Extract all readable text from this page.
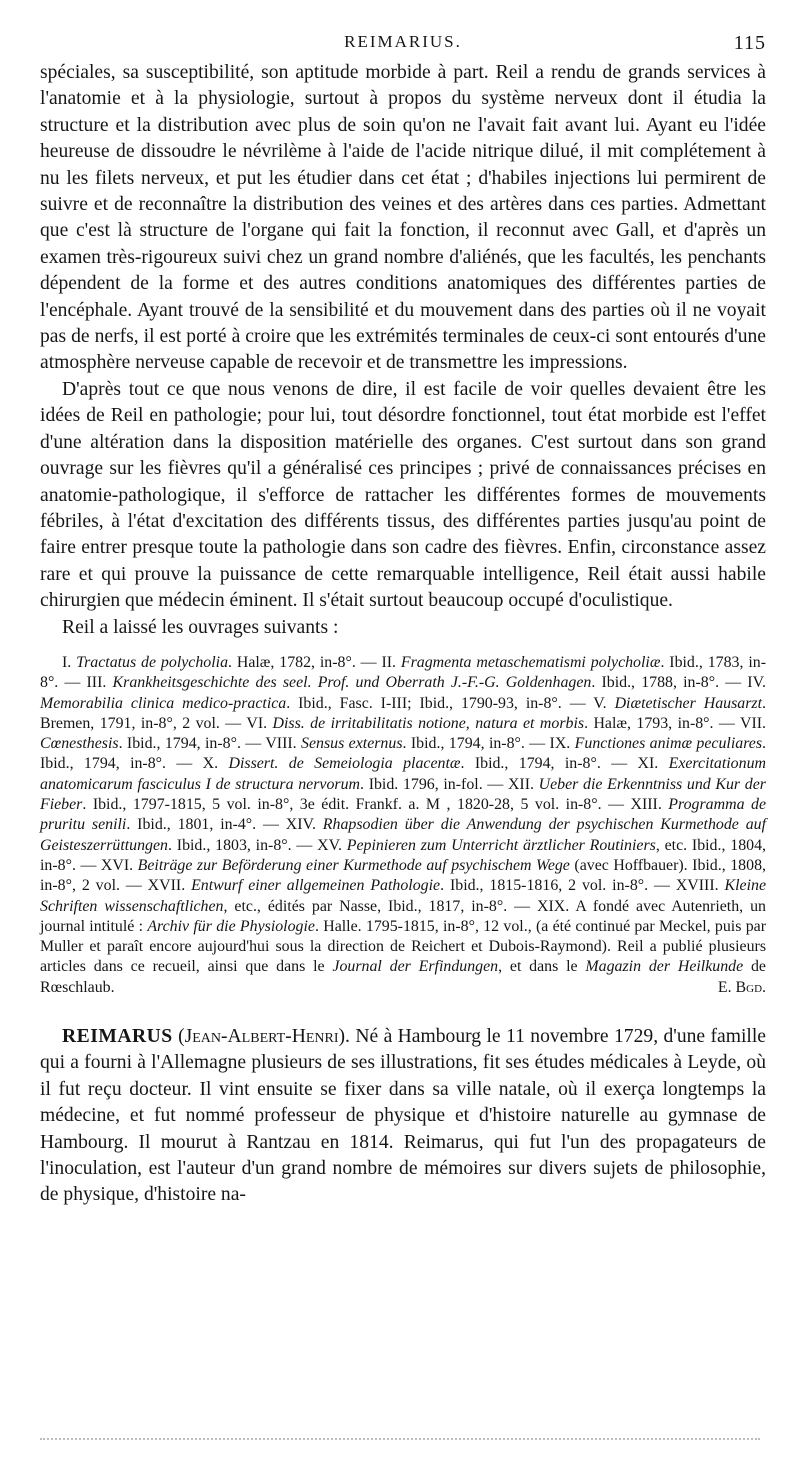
REIMARIUS.	115

spéciales, sa susceptibilité, son aptitude morbide à part. Reil a rendu de grands services à l'anatomie et à la physiologie, surtout à propos du système nerveux dont il étudia la structure et la distribution avec plus de soin qu'on ne l'avait fait avant lui. Ayant eu l'idée heureuse de dissoudre le névrilème à l'aide de l'acide nitrique dilué, il mit complétement à nu les filets nerveux, et put les étudier dans cet état ; d'habiles injections lui permirent de suivre et de reconnaître la distribution des veines et des artères dans ces parties. Admettant que c'est là structure de l'organe qui fait la fonction, il reconnut avec Gall, et d'après un examen très-rigoureux suivi chez un grand nombre d'aliénés, que les facultés, les penchants dépendent de la forme et des autres conditions anatomiques des différentes parties de l'encéphale. Ayant trouvé de la sensibilité et du mouvement dans des parties où il ne voyait pas de nerfs, il est porté à croire que les extrémités terminales de ceux-ci sont entourés d'une atmosphère nerveuse capable de recevoir et de transmettre les impressions.

D'après tout ce que nous venons de dire, il est facile de voir quelles devaient être les idées de Reil en pathologie; pour lui, tout désordre fonctionnel, tout état morbide est l'effet d'une altération dans la disposition matérielle des organes. C'est surtout dans son grand ouvrage sur les fièvres qu'il a généralisé ces principes ; privé de connaissances précises en anatomie-pathologique, il s'efforce de rattacher les différentes formes de mouvements fébriles, à l'état d'excitation des différents tissus, des différentes parties jusqu'au point de faire entrer presque toute la pathologie dans son cadre des fièvres. Enfin, circonstance assez rare et qui prouve la puissance de cette remarquable intelligence, Reil était aussi habile chirurgien que médecin éminent. Il s'était surtout beaucoup occupé d'oculistique.

Reil a laissé les ouvrages suivants :

I. Tractatus de polycholia. Halæ, 1782, in-8°. — II. Fragmenta metaschematismi polycholiæ. Ibid., 1783, in-8°. — III. Krankheitsgeschichte des seel. Prof. und Oberrath J.-F.-G. Goldenhagen. Ibid., 1788, in-8°. — IV. Memorabilia clinica medico-practica. Ibid., Fasc. I-III; Ibid., 1790-93, in-8°. — V. Diætetischer Hausarzt. Bremen, 1791, in-8°, 2 vol. — VI. Diss. de irritabilitatis notione, natura et morbis. Halæ, 1793, in-8°. — VII. Cœnesthesis. Ibid., 1794, in-8°. — VIII. Sensus externus. Ibid., 1794, in-8°. — IX. Functiones animæ peculiares. Ibid., 1794, in-8°. — X. Dissert. de Semeiologia placentæ. Ibid., 1794, in-8°. — XI. Exercitationum anatomicarum fasciculus I de structura nervorum. Ibid. 1796, in-fol. — XII. Ueber die Erkenntniss und Kur der Fieber. Ibid., 1797-1815, 5 vol. in-8°, 3e édit. Frankf. a. M , 1820-28, 5 vol. in-8°. — XIII. Programma de pruritu senili. Ibid., 1801, in-4°. — XIV. Rhapsodien über die Anwendung der psychischen Kurmethode auf Geisteszerrüttungen. Ibid., 1803, in-8°. — XV. Pepinieren zum Unterricht ärztlicher Routiniers, etc. Ibid., 1804, in-8°. — XVI. Beiträge zur Beförderung einer Kurmethode auf psychischem Wege (avec Hoffbauer). Ibid., 1808, in-8°, 2 vol. — XVII. Entwurf einer allgemeinen Pathologie. Ibid., 1815-1816, 2 vol. in-8°. — XVIII. Kleine Schriften wissenschaftlichen, etc., édités par Nasse, Ibid., 1817, in-8°. — XIX. A fondé avec Autenrieth, un journal intitulé : Archiv für die Physiologie. Halle. 1795-1815, in-8°, 12 vol., (a été continué par Meckel, puis par Muller et paraît encore aujourd'hui sous la direction de Reichert et Dubois-Raymond). Reil a publié plusieurs articles dans ce recueil, ainsi que dans le Journal der Erfindungen, et dans le Magazin der Heilkunde de Rœschlaub.	E. Bgd.
REIMARUS (Jean-Albert-Henri). Né à Hambourg le 11 novembre 1729, d'une famille qui a fourni à l'Allemagne plusieurs de ses illustrations, fit ses études médicales à Leyde, où il fut reçu docteur. Il vint ensuite se fixer dans sa ville natale, où il exerça longtemps la médecine, et fut nommé professeur de physique et d'histoire naturelle au gymnase de Hambourg. Il mourut à Rantzau en 1814. Reimarus, qui fut l'un des propagateurs de l'inoculation, est l'auteur d'un grand nombre de mémoires sur divers sujets de philosophie, de physique, d'histoire na-
